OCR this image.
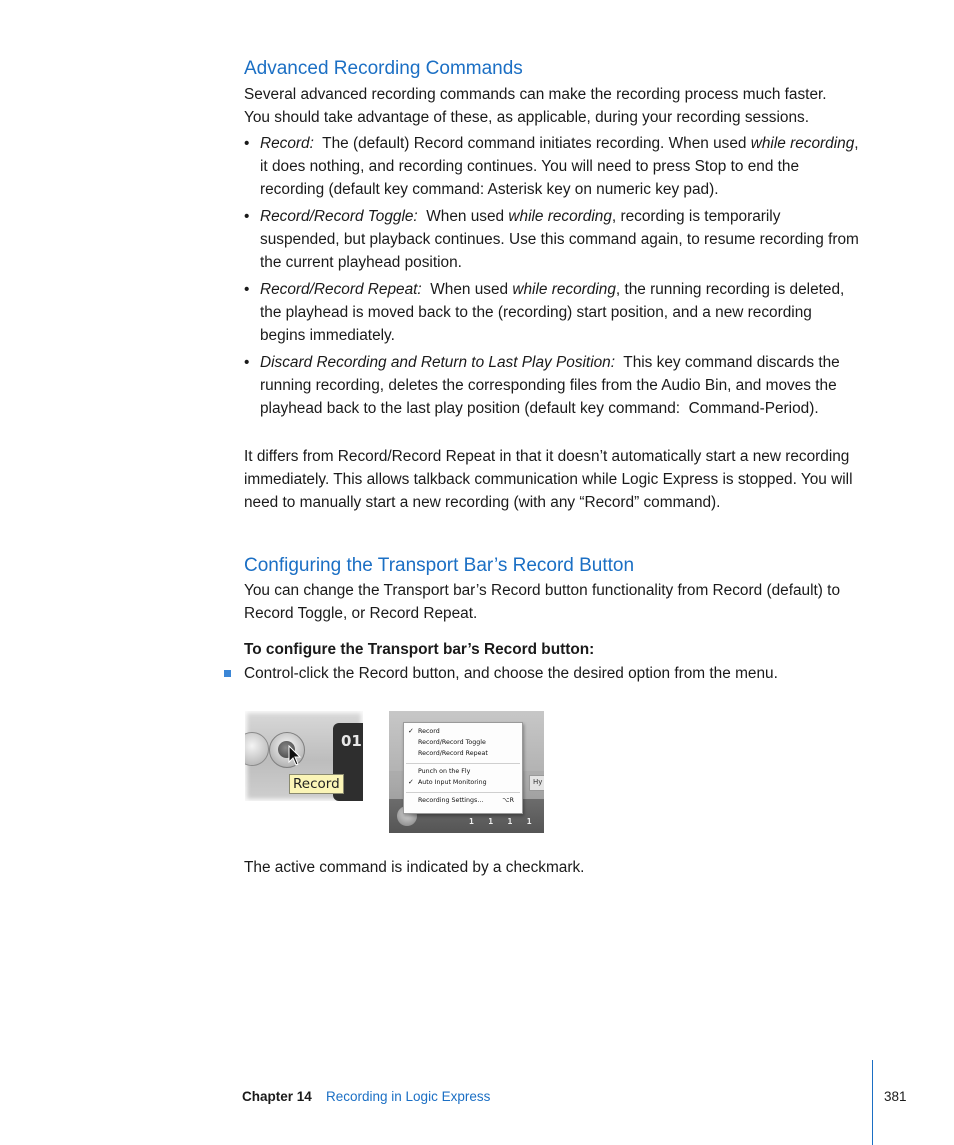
Advanced Recording Commands

Several advanced recording commands can make the recording process much faster.
You should take advantage of these, as applicable, during your recording sessions.

• Record:  The (default) Record command initiates recording. When used while recording, it does nothing, and recording continues. You will need to press Stop to end the recording (default key command: Asterisk key on numeric key pad).
• Record/Record Toggle:  When used while recording, recording is temporarily suspended, but playback continues. Use this command again, to resume recording from the current playhead position.
• Record/Record Repeat:  When used while recording, the running recording is deleted, the playhead is moved back to the (recording) start position, and a new recording begins immediately.
• Discard Recording and Return to Last Play Position:  This key command discards the running recording, deletes the corresponding files from the Audio Bin, and moves the playhead back to the last play position (default key command:  Command-Period).

It differs from Record/Record Repeat in that it doesn’t automatically start a new recording immediately. This allows talkback communication while Logic Express is stopped. You will need to manually start a new recording (with any “Record” command).

Configuring the Transport Bar’s Record Button

You can change the Transport bar’s Record button functionality from Record (default) to Record Toggle, or Record Repeat.

To configure the Transport bar’s Record button:

Control-click the Record button, and choose the desired option from the menu.
01
Record	Hy
1   1   1   1
✓ Record
Record/Record Toggle
Record/Record Repeat
Punch on the Fly
✓ Auto Input Monitoring
Recording Settings…	⌥R

The active command is indicated by a checkmark.

Chapter 14 Recording in Logic Express	381
